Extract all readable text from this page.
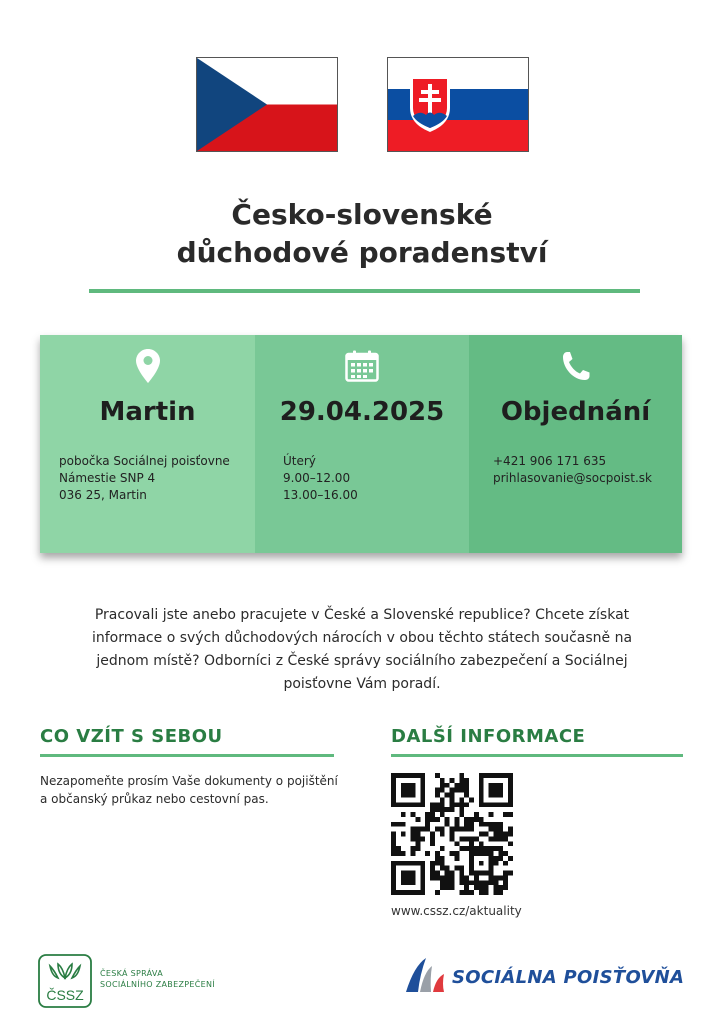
Česko-slovenské
důchodové poradenství
Martin
pobočka Sociálnej poisťovne
Námestie SNP 4
036 25, Martin
29.04.2025
Úterý
9.00–12.00
13.00–16.00
Objednání
+421 906 171 635
prihlasovanie@socpoist.sk
Pracovali jste anebo pracujete v České a Slovenské republice? Chcete získat informace o svých důchodových nárocích v obou těchto státech současně na jednom místě? Odborníci z České správy sociálního zabezpečení a Sociálnej poisťovne Vám poradí.
CO VZÍT S SEBOU
Nezapomeňte prosím Vaše dokumenty o pojištění a občanský průkaz nebo cestovní pas.
DALŠÍ INFORMACE
www.cssz.cz/aktuality
ČSSZ
ČESKÁ SPRÁVA
SOCIÁLNÍHO ZABEZPEČENÍ	SOCIÁLNA POISŤOVŇA
